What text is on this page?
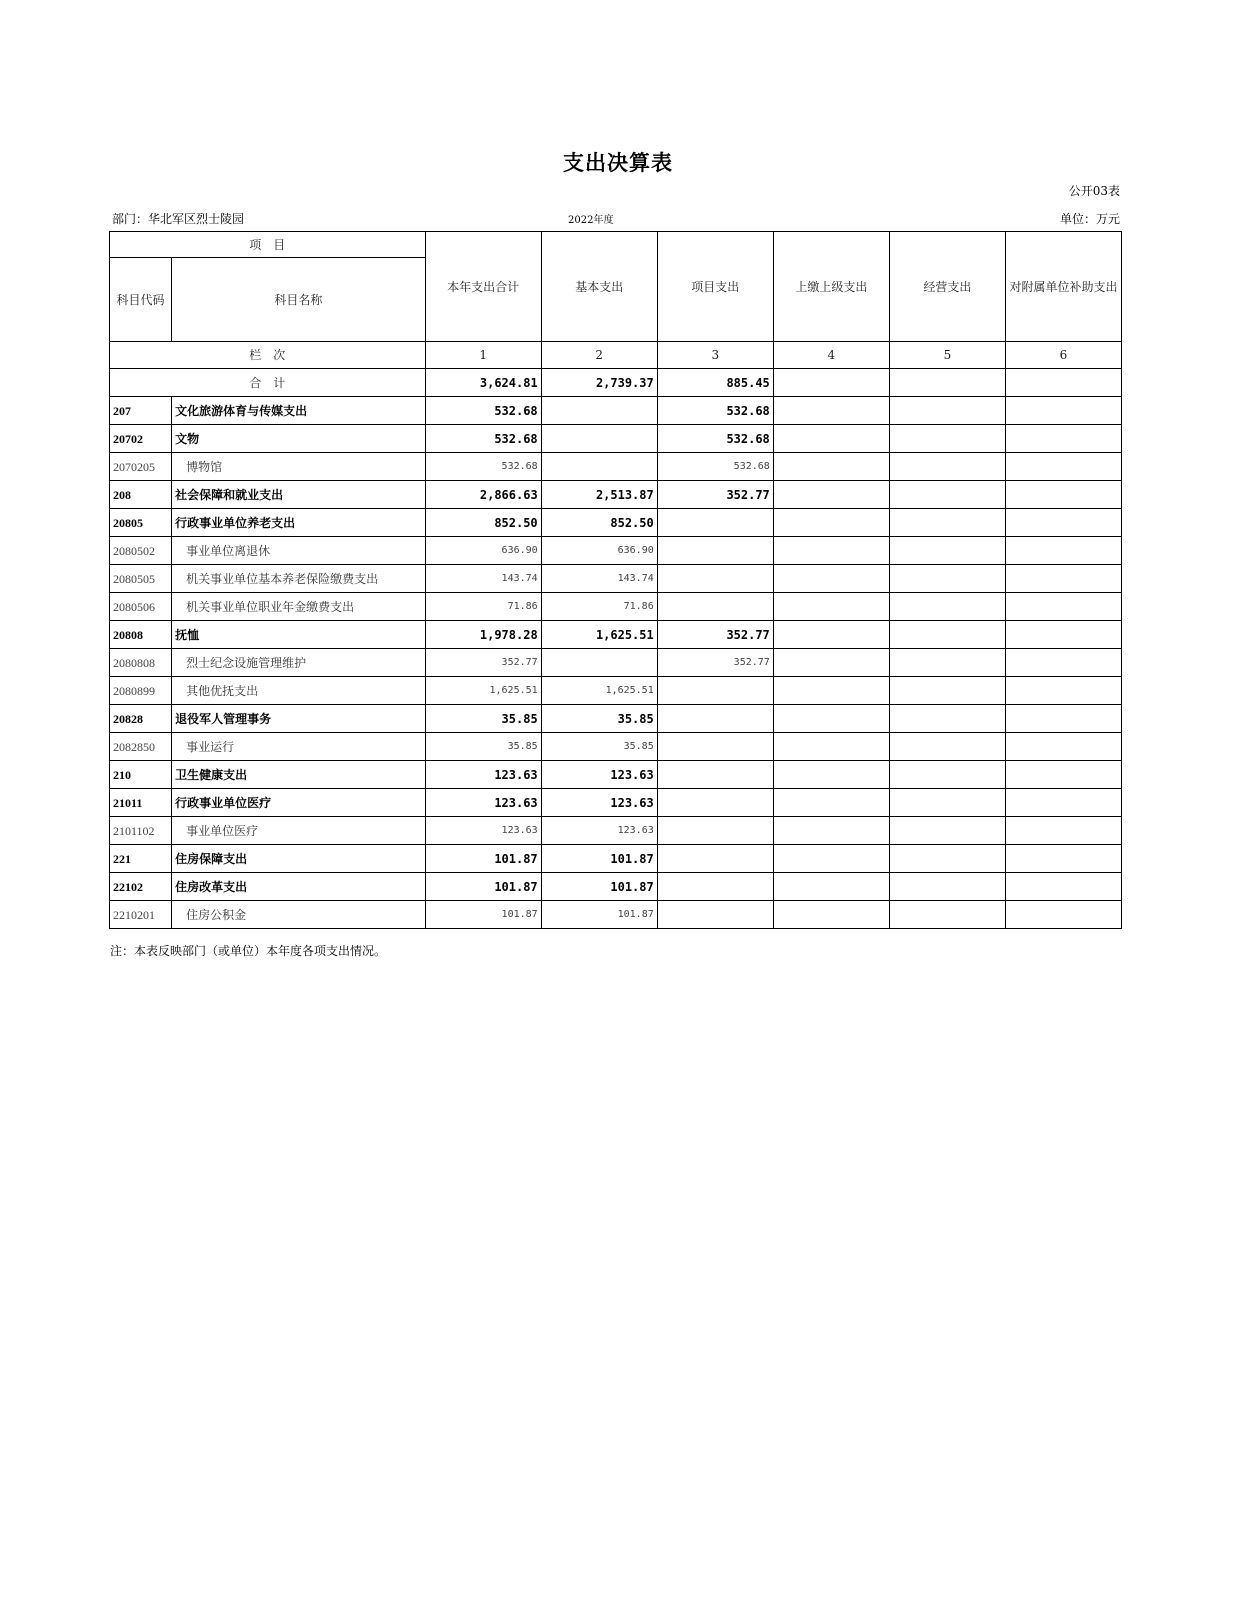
支出决算表
公开03表
部门：华北军区烈士陵园	2022年度	单位：万元
项　目		本年支出合计	基本支出	项目支出	上缴上级支出	经营支出	对附属单位补助支出
科目代码	科目名称						
栏　次		1	2	3	4	5	6
合　计		3,624.81	2,739.37	885.45			
207	文化旅游体育与传媒支出	532.68		532.68			
20702	文物	532.68		532.68			
2070205	博物馆	532.68		532.68			
208	社会保障和就业支出	2,866.63	2,513.87	352.77			
20805	行政事业单位养老支出	852.50	852.50				
2080502	事业单位离退休	636.90	636.90				
2080505	机关事业单位基本养老保险缴费支出	143.74	143.74				
2080506	机关事业单位职业年金缴费支出	71.86	71.86				
20808	抚恤	1,978.28	1,625.51	352.77			
2080808	烈士纪念设施管理维护	352.77		352.77			
2080899	其他优抚支出	1,625.51	1,625.51				
20828	退役军人管理事务	35.85	35.85				
2082850	事业运行	35.85	35.85				
210	卫生健康支出	123.63	123.63				
21011	行政事业单位医疗	123.63	123.63				
2101102	事业单位医疗	123.63	123.63				
221	住房保障支出	101.87	101.87				
22102	住房改革支出	101.87	101.87				
2210201	住房公积金	101.87	101.87				
注：本表反映部门（或单位）本年度各项支出情况。
